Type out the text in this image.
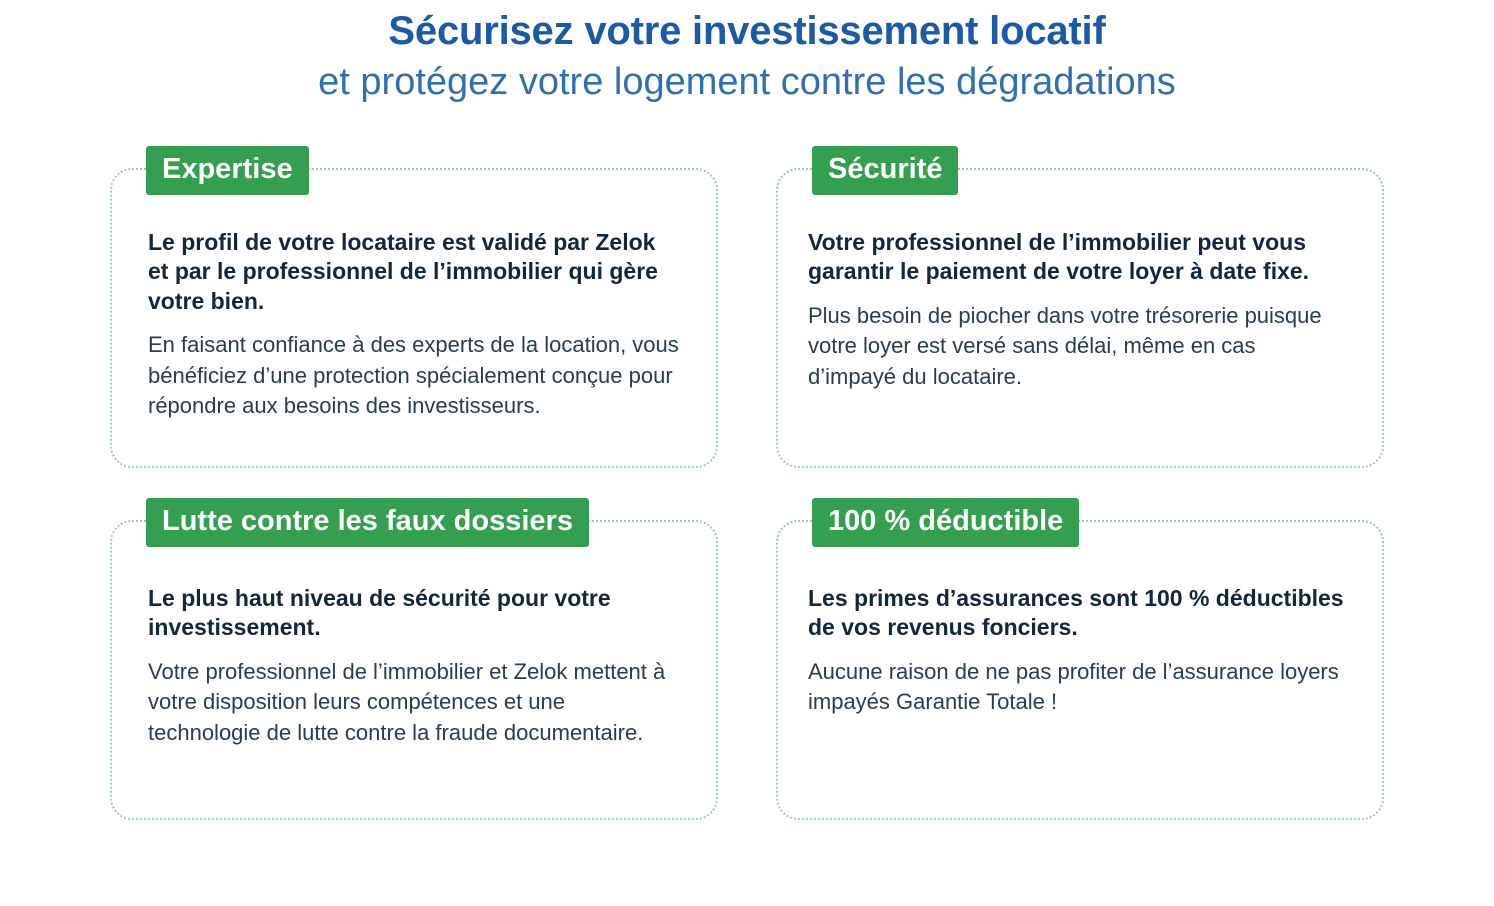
Sécurisez votre investissement locatif
et protégez votre logement contre les dégradations
Expertise

Le profil de votre locataire est validé par Zelok et par le professionnel de l’immobilier qui gère votre bien.

En faisant confiance à des experts de la location, vous bénéficiez d’une protection spécialement conçue pour répondre aux besoins des investisseurs.

Sécurité

Votre professionnel de l’immobilier peut vous garantir le paiement de votre loyer à date fixe.

Plus besoin de piocher dans votre trésorerie puisque votre loyer est versé sans délai, même en cas d’impayé du locataire.

Lutte contre les faux dossiers

Le plus haut niveau de sécurité pour votre investissement.

Votre professionnel de l’immobilier et Zelok mettent à votre disposition leurs compétences et une technologie de lutte contre la fraude documentaire.

100 % déductible

Les primes d’assurances sont 100 % déductibles de vos revenus fonciers.

Aucune raison de ne pas profiter de l’assurance loyers impayés Garantie Totale !
